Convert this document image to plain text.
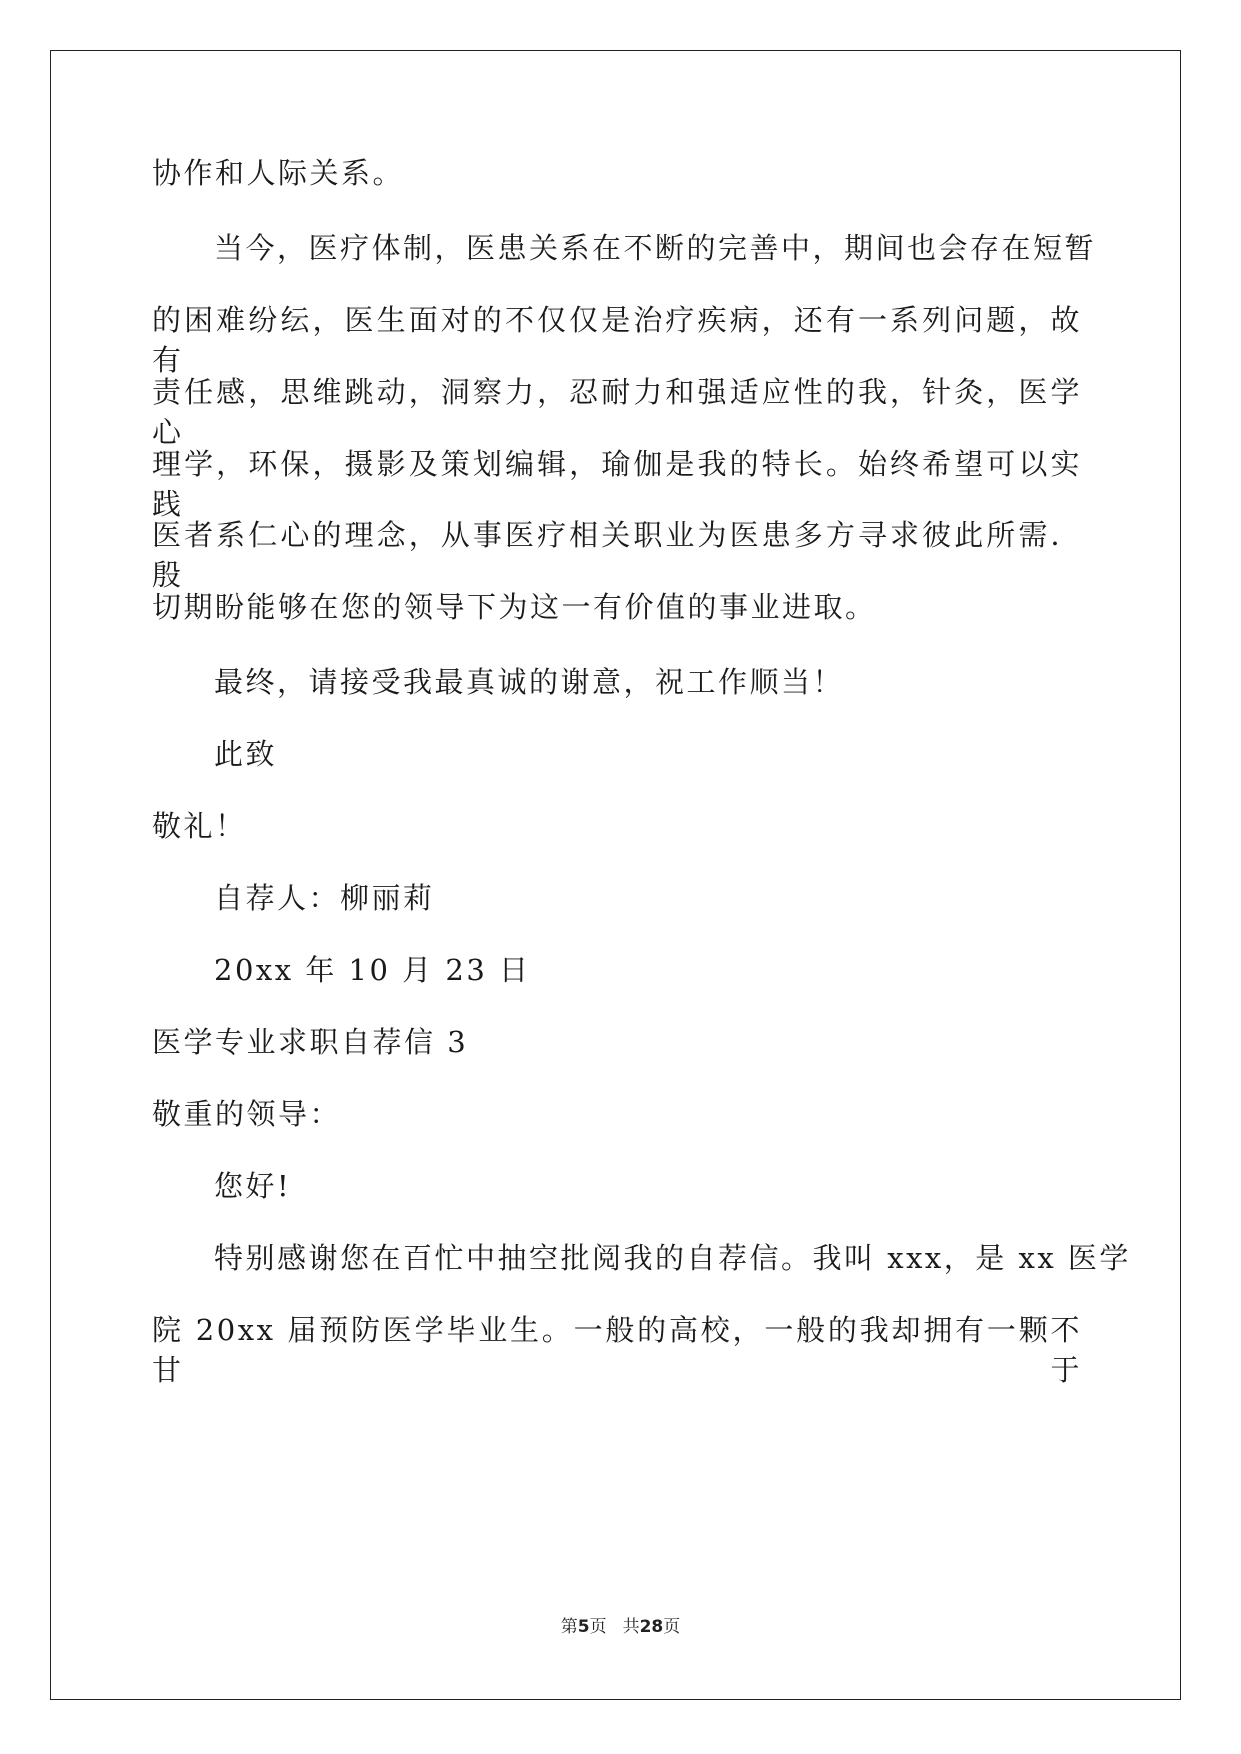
协作和人际关系。
当今，医疗体制，医患关系在不断的完善中，期间也会存在短暂
的困难纷纭，医生面对的不仅仅是治疗疾病，还有一系列问题，故有
责任感，思维跳动，洞察力，忍耐力和强适应性的我，针灸，医学心
理学，环保，摄影及策划编辑，瑜伽是我的特长。始终希望可以实践
医者系仁心的理念，从事医疗相关职业为医患多方寻求彼此所需．殷
切期盼能够在您的领导下为这一有价值的事业进取。
最终，请接受我最真诚的谢意，祝工作顺当！
此致
敬礼！
自荐人：柳丽莉
20xx 年 10 月 23 日
医学专业求职自荐信 3
敬重的领导：
您好!
特别感谢您在百忙中抽空批阅我的自荐信。我叫 xxx，是 xx 医学
院 20xx 届预防医学毕业生。一般的高校，一般的我却拥有一颗不甘于
第5页 共28页
